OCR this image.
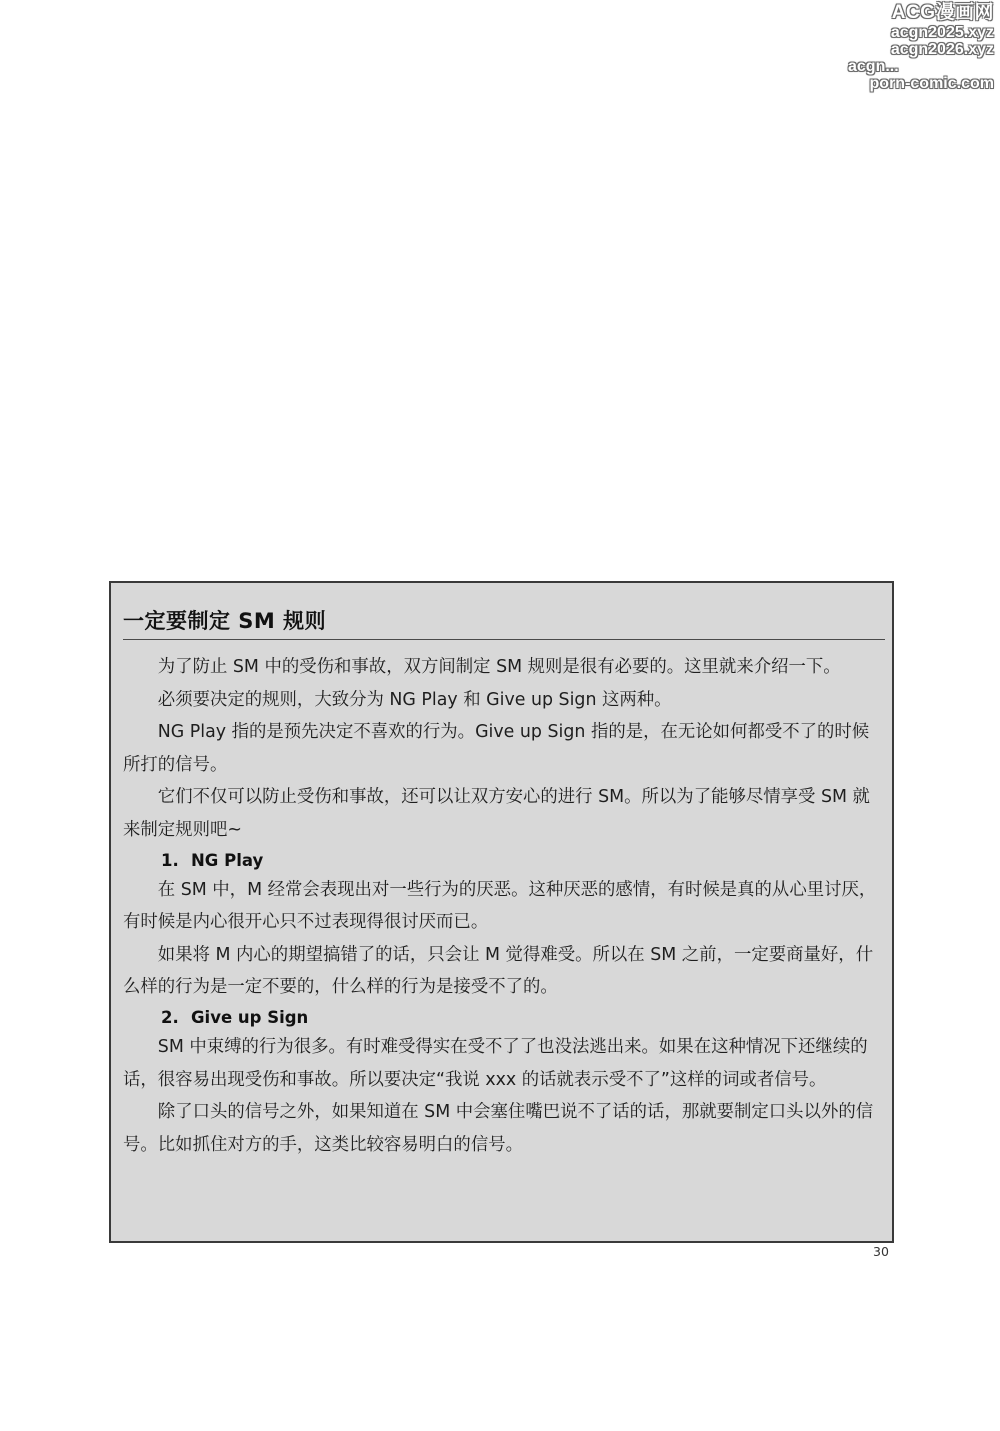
ACG漫画网
acgn2025.xyz
acgn2026.xyz
acgn...
porn-comic.com
一定要制定 SM 规则

为了防止 SM 中的受伤和事故，双方间制定 SM 规则是很有必要的。这里就来介绍一下。

必须要决定的规则，大致分为 NG Play 和 Give up Sign 这两种。

NG Play 指的是预先决定不喜欢的行为。Give up Sign 指的是，在无论如何都受不了的时候所打的信号。

它们不仅可以防止受伤和事故，还可以让双方安心的进行 SM。所以为了能够尽情享受 SM 就来制定规则吧~

1. NG Play

在 SM 中，M 经常会表现出对一些行为的厌恶。这种厌恶的感情，有时候是真的从心里讨厌，有时候是内心很开心只不过表现得很讨厌而已。

如果将 M 内心的期望搞错了的话，只会让 M 觉得难受。所以在 SM 之前，一定要商量好，什么样的行为是一定不要的，什么样的行为是接受不了的。

2. Give up Sign

SM 中束缚的行为很多。有时难受得实在受不了了也没法逃出来。如果在这种情况下还继续的话，很容易出现受伤和事故。所以要决定“我说 xxx 的话就表示受不了”这样的词或者信号。

除了口头的信号之外，如果知道在 SM 中会塞住嘴巴说不了话的话，那就要制定口头以外的信号。比如抓住对方的手，这类比较容易明白的信号。

30
